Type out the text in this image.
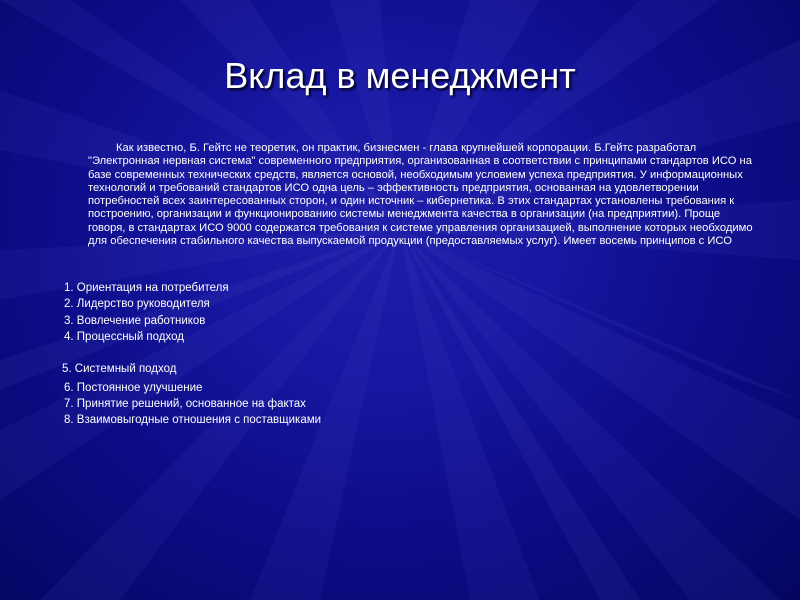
Вклад в менеджмент

Как известно, Б. Гейтс не теоретик, он практик, бизнесмен - глава крупнейшей корпорации. Б.Гейтс разработал "Электронная нервная система" современного предприятия, организованная в соответствии с принципами стандартов ИСО на базе современных технических средств, является основой, необходимым условием успеха предприятия. У информационных технологий и требований стандартов ИСО одна цель – эффективность предприятия, основанная на удовлетворении потребностей всех заинтересованных сторон, и один источник – кибернетика. В этих стандартах установлены требования к построению, организации и функционированию системы менеджмента качества в организации (на предприятии). Проще говоря, в стандартах ИСО 9000 содержатся требования к системе управления организацией, выполнение которых необходимо для обеспечения стабильного качества выпускаемой продукции (предоставляемых услуг). Имеет восемь принципов с ИСО

1. Ориентация на потребителя

2. Лидерство руководителя

3. Вовлечение работников

4. Процессный подход

5. Системный подход

6. Постоянное улучшение

7. Принятие решений, основанное на фактах

8. Взаимовыгодные отношения с поставщиками
